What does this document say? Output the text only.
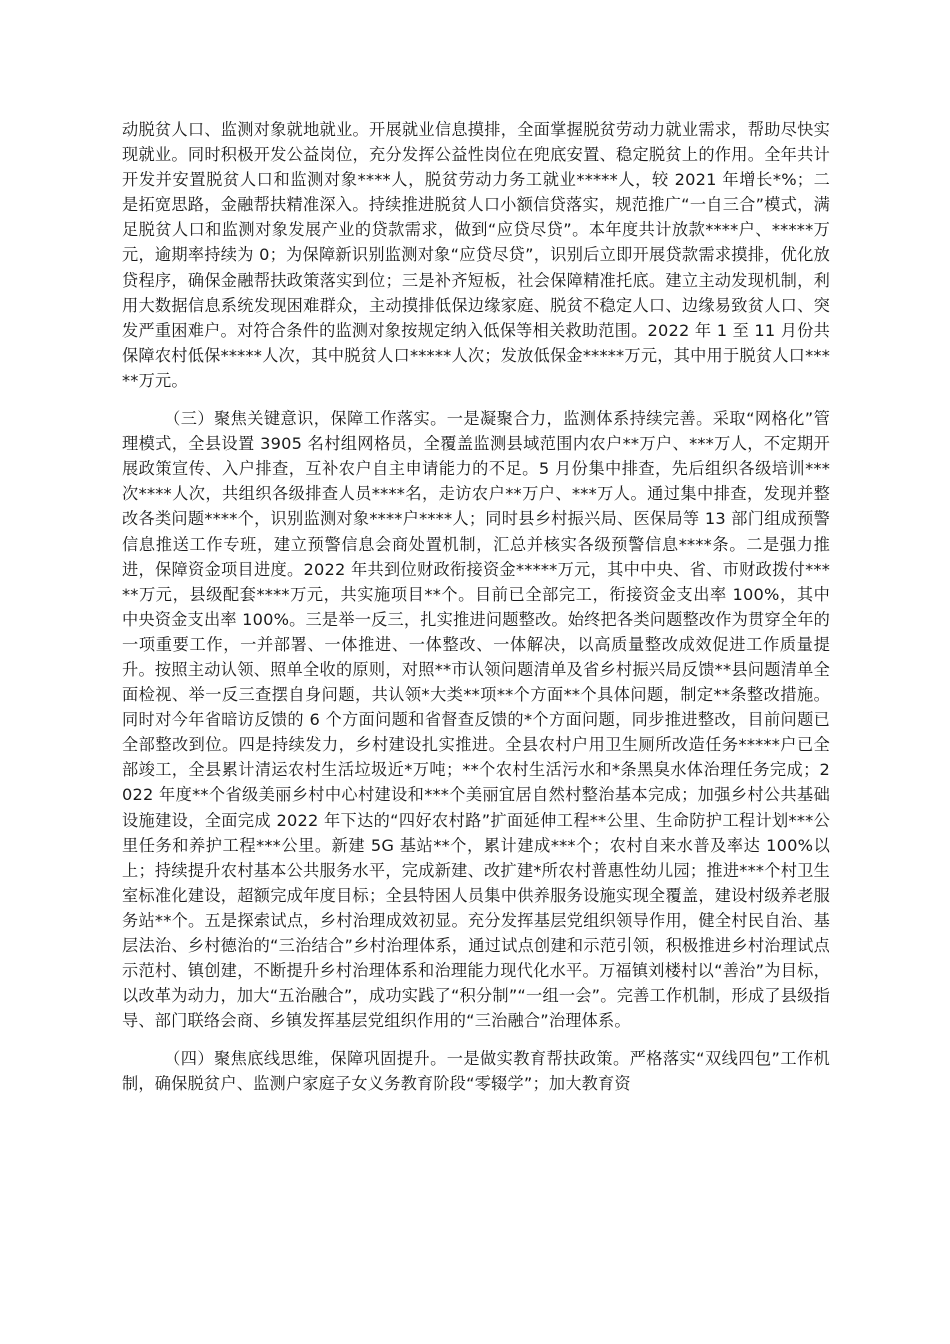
动脱贫人口、监测对象就地就业。开展就业信息摸排，全面掌握脱贫劳动力就业需求，帮助尽快实现就业。同时积极开发公益岗位，充分发挥公益性岗位在兜底安置、稳定脱贫上的作用。全年共计开发并安置脱贫人口和监测对象****人，脱贫劳动力务工就业*****人，较 2021 年增长*%；二是拓宽思路，金融帮扶精准深入。持续推进脱贫人口小额信贷落实，规范推广“一自三合”模式，满足脱贫人口和监测对象发展产业的贷款需求，做到“应贷尽贷”。本年度共计放款****户、*****万元，逾期率持续为 0；为保障新识别监测对象“应贷尽贷”，识别后立即开展贷款需求摸排，优化放贷程序，确保金融帮扶政策落实到位；三是补齐短板，社会保障精准托底。建立主动发现机制，利用大数据信息系统发现困难群众，主动摸排低保边缘家庭、脱贫不稳定人口、边缘易致贫人口、突发严重困难户。对符合条件的监测对象按规定纳入低保等相关救助范围。2022 年 1 至 11 月份共保障农村低保*****人次，其中脱贫人口*****人次；发放低保金*****万元，其中用于脱贫人口*****万元。

（三）聚焦关键意识，保障工作落实。一是凝聚合力，监测体系持续完善。采取“网格化”管理模式，全县设置 3905 名村组网格员，全覆盖监测县域范围内农户**万户、***万人，不定期开展政策宣传、入户排查，互补农户自主申请能力的不足。5 月份集中排查，先后组织各级培训***次****人次，共组织各级排查人员****名，走访农户**万户、***万人。通过集中排查，发现并整改各类问题****个，识别监测对象****户****人；同时县乡村振兴局、医保局等 13 部门组成预警信息推送工作专班，建立预警信息会商处置机制，汇总并核实各级预警信息****条。二是强力推进，保障资金项目进度。2022 年共到位财政衔接资金*****万元，其中中央、省、市财政拨付*****万元，县级配套****万元，共实施项目**个。目前已全部完工，衔接资金支出率 100%，其中中央资金支出率 100%。三是举一反三，扎实推进问题整改。始终把各类问题整改作为贯穿全年的一项重要工作，一并部署、一体推进、一体整改、一体解决，以高质量整改成效促进工作质量提升。按照主动认领、照单全收的原则，对照**市认领问题清单及省乡村振兴局反馈**县问题清单全面检视、举一反三查摆自身问题，共认领*大类**项**个方面**个具体问题，制定**条整改措施。同时对今年省暗访反馈的 6 个方面问题和省督查反馈的*个方面问题，同步推进整改，目前问题已全部整改到位。四是持续发力，乡村建设扎实推进。全县农村户用卫生厕所改造任务*****户已全部竣工，全县累计清运农村生活垃圾近*万吨；**个农村生活污水和*条黑臭水体治理任务完成；2022 年度**个省级美丽乡村中心村建设和***个美丽宜居自然村整治基本完成；加强乡村公共基础设施建设，全面完成 2022 年下达的“四好农村路”扩面延伸工程**公里、生命防护工程计划***公里任务和养护工程***公里。新建 5G 基站**个，累计建成***个；农村自来水普及率达 100%以上；持续提升农村基本公共服务水平，完成新建、改扩建*所农村普惠性幼儿园；推进***个村卫生室标准化建设，超额完成年度目标；全县特困人员集中供养服务设施实现全覆盖，建设村级养老服务站**个。五是探索试点，乡村治理成效初显。充分发挥基层党组织领导作用，健全村民自治、基层法治、乡村德治的“三治结合”乡村治理体系，通过试点创建和示范引领，积极推进乡村治理试点示范村、镇创建，不断提升乡村治理体系和治理能力现代化水平。万福镇刘楼村以“善治”为目标，以改革为动力，加大“五治融合”，成功实践了“积分制”“一组一会”。完善工作机制，形成了县级指导、部门联络会商、乡镇发挥基层党组织作用的“三治融合”治理体系。

（四）聚焦底线思维，保障巩固提升。一是做实教育帮扶政策。严格落实“双线四包”工作机制，确保脱贫户、监测户家庭子女义务教育阶段“零辍学”；加大教育资
